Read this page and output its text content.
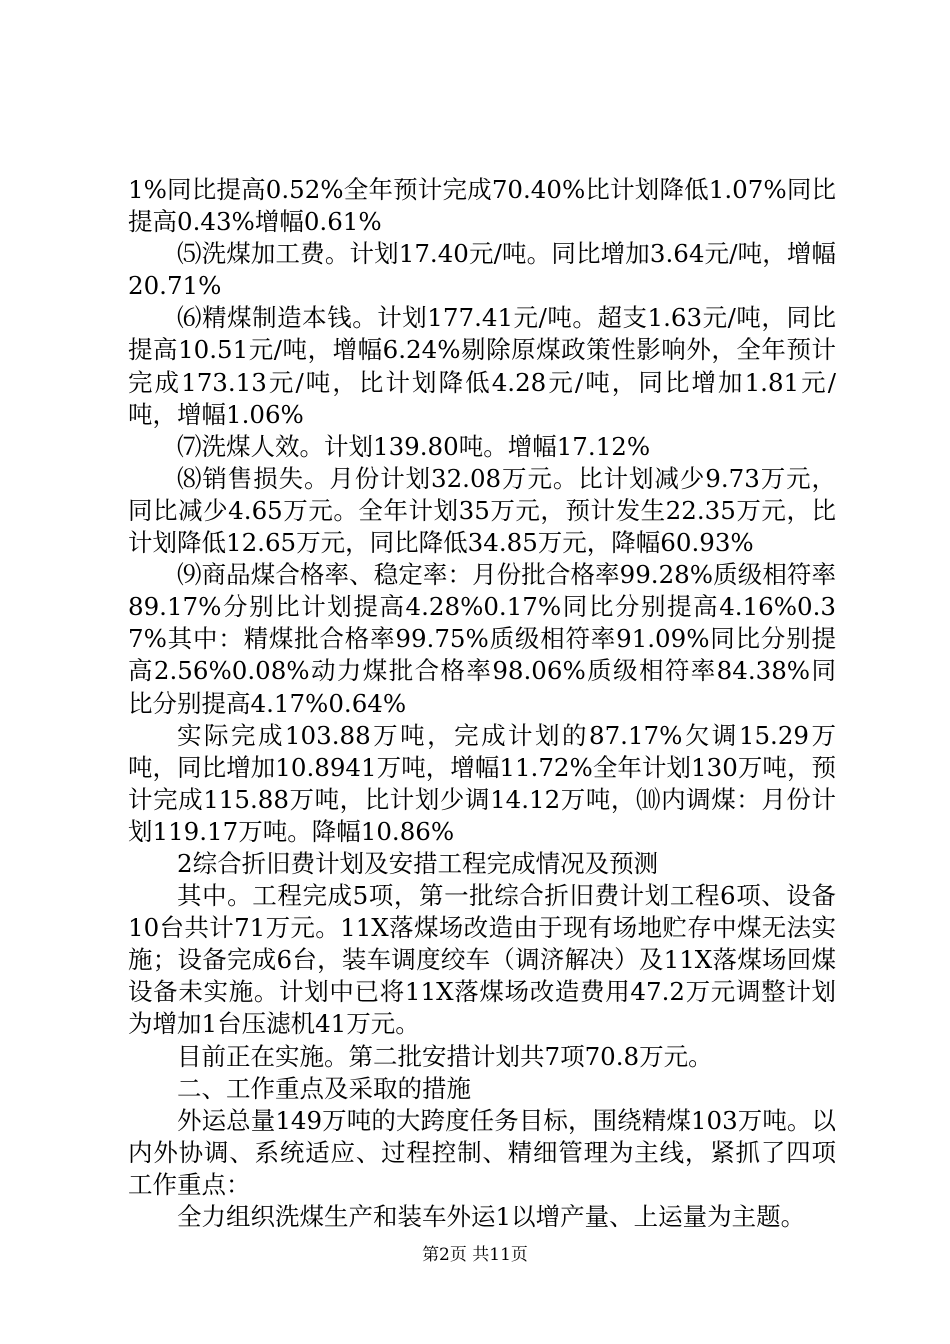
1%同比提高0.52%全年预计完成70.40%比计划降低1.07%同比提高0.43%增幅0.61%

⑸洗煤加工费。计划17.40元/吨。同比增加3.64元/吨，增幅20.71%

⑹精煤制造本钱。计划177.41元/吨。超支1.63元/吨，同比提高10.51元/吨，增幅6.24%剔除原煤政策性影响外，全年预计完成173.13元/吨，比计划降低4.28元/吨，同比增加1.81元/吨，增幅1.06%

⑺洗煤人效。计划139.80吨。增幅17.12%

⑻销售损失。月份计划32.08万元。比计划减少9.73万元，同比减少4.65万元。全年计划35万元，预计发生22.35万元，比计划降低12.65万元，同比降低34.85万元，降幅60.93%

⑼商品煤合格率、稳定率：月份批合格率99.28%质级相符率89.17%分别比计划提高4.28%0.17%同比分别提高4.16%0.37%其中：精煤批合格率99.75%质级相符率91.09%同比分别提高2.56%0.08%动力煤批合格率98.06%质级相符率84.38%同比分别提高4.17%0.64%

实际完成103.88万吨，完成计划的87.17%欠调15.29万吨，同比增加10.8941万吨，增幅11.72%全年计划130万吨，预计完成115.88万吨，比计划少调14.12万吨，⑽内调煤：月份计划119.17万吨。降幅10.86%

2综合折旧费计划及安措工程完成情况及预测

其中。工程完成5项，第一批综合折旧费计划工程6项、设备10台共计71万元。11X落煤场改造由于现有场地贮存中煤无法实施；设备完成6台，装车调度绞车（调济解决）及11X落煤场回煤设备未实施。计划中已将11X落煤场改造费用47.2万元调整计划为增加1台压滤机41万元。

目前正在实施。第二批安措计划共7项70.8万元。

二、工作重点及采取的措施

外运总量149万吨的大跨度任务目标，围绕精煤103万吨。以内外协调、系统适应、过程控制、精细管理为主线，紧抓了四项工作重点：

全力组织洗煤生产和装车外运1以增产量、上运量为主题。

第2页 共11页
